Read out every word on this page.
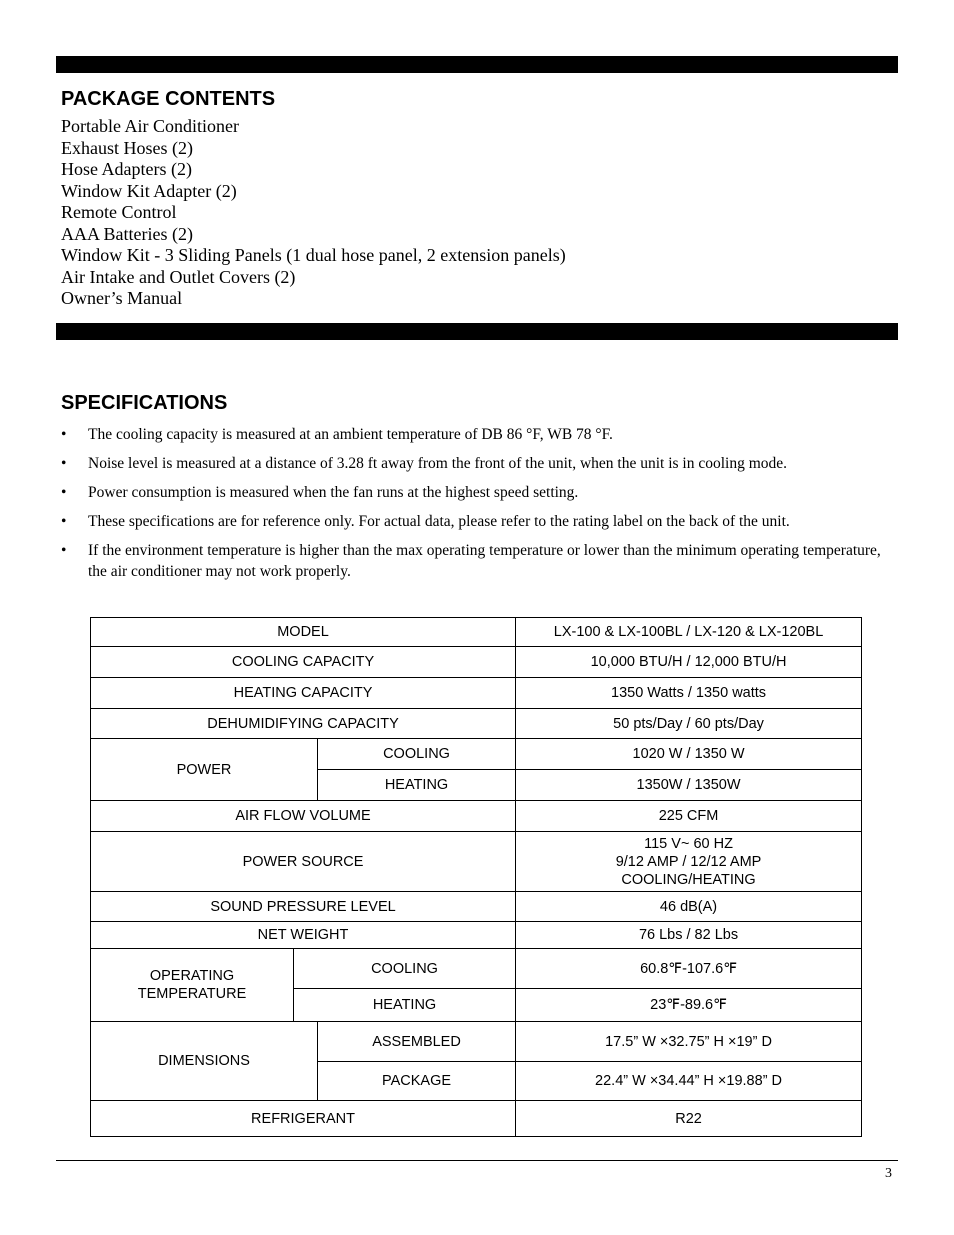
PACKAGE CONTENTS
Portable Air Conditioner
Exhaust Hoses (2)
Hose Adapters (2)
Window Kit Adapter (2)
Remote Control
AAA Batteries (2)
Window Kit - 3 Sliding Panels (1 dual hose panel, 2 extension panels)
Air Intake and Outlet Covers (2)
Owner’s Manual
SPECIFICATIONS
• The cooling capacity is measured at an ambient temperature of DB 86 °F, WB 78 °F.
• Noise level is measured at a distance of 3.28 ft away from the front of the unit, when the unit is in cooling mode.
• Power consumption is measured when the fan runs at the highest speed setting.
• These specifications are for reference only. For actual data, please refer to the rating label on the back of the unit.
• If the environment temperature is higher than the max operating temperature or lower than the minimum operating temperature, the air conditioner may not work properly.
MODEL			LX-100 & LX-100BL / LX-120 & LX-120BL
COOLING CAPACITY			10,000 BTU/H / 12,000 BTU/H
HEATING CAPACITY			1350 Watts / 1350 watts
DEHUMIDIFYING CAPACITY			50 pts/Day / 60 pts/Day
POWER		COOLING	1020 W / 1350 W
		HEATING	1350W / 1350W
AIR FLOW VOLUME			225 CFM
POWER SOURCE			115 V~ 60 HZ
9/12 AMP / 12/12 AMP
COOLING/HEATING

SOUND PRESSURE LEVEL			46 dB(A)
NET WEIGHT			76 Lbs / 82 Lbs

OPERATING
TEMPERATURE	COOLING		60.8℉-107.6℉
	HEATING		23℉-89.6℉
DIMENSIONS		ASSEMBLED	17.5” W ×32.75” H ×19” D
		PACKAGE	22.4” W ×34.44” H ×19.88” D
REFRIGERANT			R22
3
